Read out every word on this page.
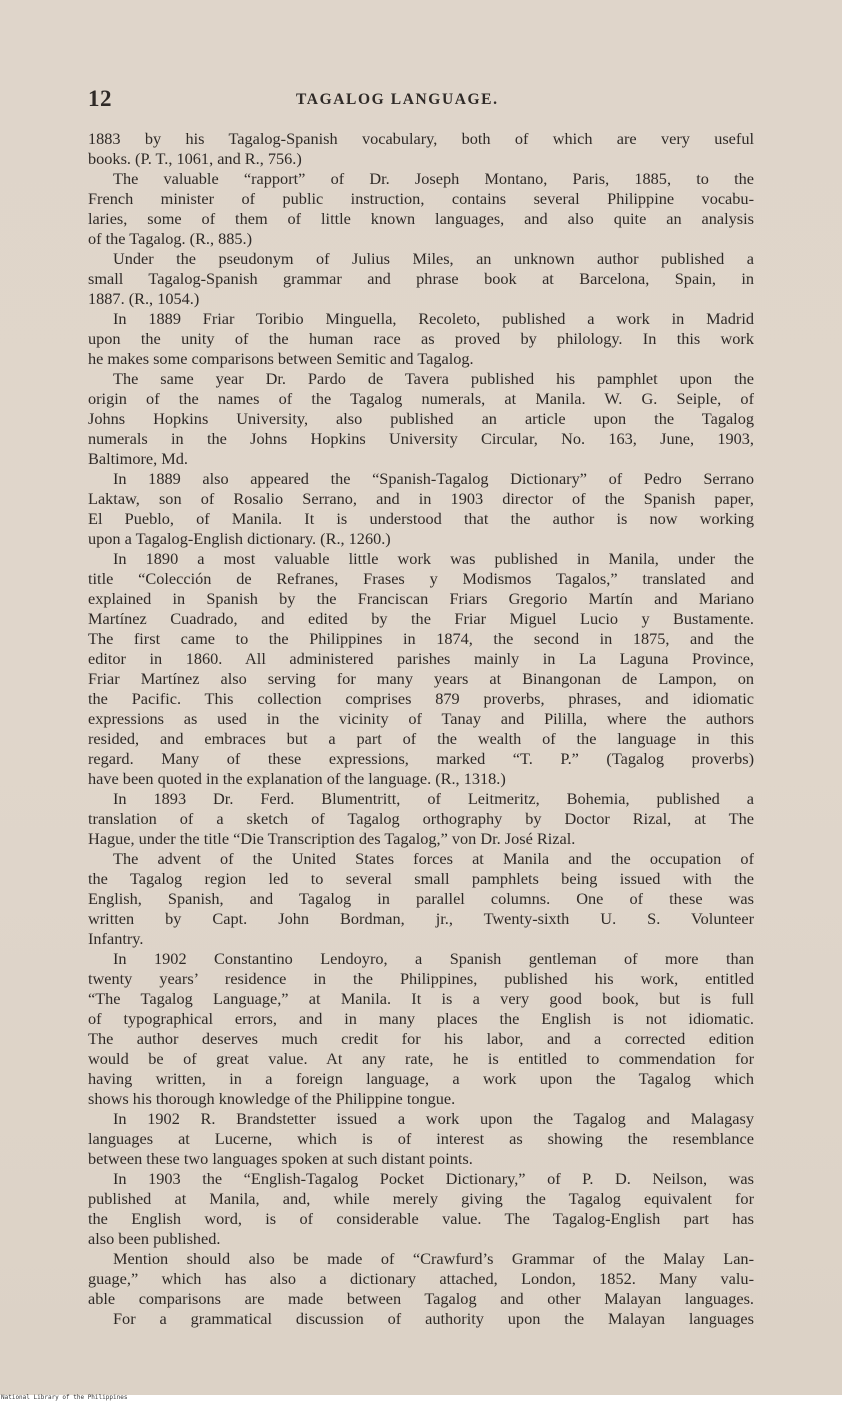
12	TAGALOG LANGUAGE.
1883 by his Tagalog-Spanish vocabulary, both of which are very useful
books. (P. T., 1061, and R., 756.)
The valuable “rapport” of Dr. Joseph Montano, Paris, 1885, to the
French minister of public instruction, contains several Philippine vocabu-
laries, some of them of little known languages, and also quite an analysis
of the Tagalog. (R., 885.)
Under the pseudonym of Julius Miles, an unknown author published a
small Tagalog-Spanish grammar and phrase book at Barcelona, Spain, in
1887. (R., 1054.)
In 1889 Friar Toribio Minguella, Recoleto, published a work in Madrid
upon the unity of the human race as proved by philology. In this work
he makes some comparisons between Semitic and Tagalog.
The same year Dr. Pardo de Tavera published his pamphlet upon the
origin of the names of the Tagalog numerals, at Manila. W. G. Seiple, of
Johns Hopkins University, also published an article upon the Tagalog
numerals in the Johns Hopkins University Circular, No. 163, June, 1903,
Baltimore, Md.
In 1889 also appeared the “Spanish-Tagalog Dictionary” of Pedro Serrano
Laktaw, son of Rosalio Serrano, and in 1903 director of the Spanish paper,
El Pueblo, of Manila. It is understood that the author is now working
upon a Tagalog-English dictionary. (R., 1260.)
In 1890 a most valuable little work was published in Manila, under the
title “Colección de Refranes, Frases y Modismos Tagalos,” translated and
explained in Spanish by the Franciscan Friars Gregorio Martín and Mariano
Martínez Cuadrado, and edited by the Friar Miguel Lucio y Bustamente.
The first came to the Philippines in 1874, the second in 1875, and the
editor in 1860. All administered parishes mainly in La Laguna Province,
Friar Martínez also serving for many years at Binangonan de Lampon, on
the Pacific. This collection comprises 879 proverbs, phrases, and idiomatic
expressions as used in the vicinity of Tanay and Pililla, where the authors
resided, and embraces but a part of the wealth of the language in this
regard. Many of these expressions, marked “T. P.” (Tagalog proverbs)
have been quoted in the explanation of the language. (R., 1318.)
In 1893 Dr. Ferd. Blumentritt, of Leitmeritz, Bohemia, published a
translation of a sketch of Tagalog orthography by Doctor Rizal, at The
Hague, under the title “Die Transcription des Tagalog,” von Dr. José Rizal.
The advent of the United States forces at Manila and the occupation of
the Tagalog region led to several small pamphlets being issued with the
English, Spanish, and Tagalog in parallel columns. One of these was
written by Capt. John Bordman, jr., Twenty-sixth U. S. Volunteer
Infantry.
In 1902 Constantino Lendoyro, a Spanish gentleman of more than
twenty years’ residence in the Philippines, published his work, entitled
“The Tagalog Language,” at Manila. It is a very good book, but is full
of typographical errors, and in many places the English is not idiomatic.
The author deserves much credit for his labor, and a corrected edition
would be of great value. At any rate, he is entitled to commendation for
having written, in a foreign language, a work upon the Tagalog which
shows his thorough knowledge of the Philippine tongue.
In 1902 R. Brandstetter issued a work upon the Tagalog and Malagasy
languages at Lucerne, which is of interest as showing the resemblance
between these two languages spoken at such distant points.
In 1903 the “English-Tagalog Pocket Dictionary,” of P. D. Neilson, was
published at Manila, and, while merely giving the Tagalog equivalent for
the English word, is of considerable value. The Tagalog-English part has
also been published.
Mention should also be made of “Crawfurd’s Grammar of the Malay Lan-
guage,” which has also a dictionary attached, London, 1852. Many valu-
able comparisons are made between Tagalog and other Malayan languages.
For a grammatical discussion of authority upon the Malayan languages
National Library of the Philippines
